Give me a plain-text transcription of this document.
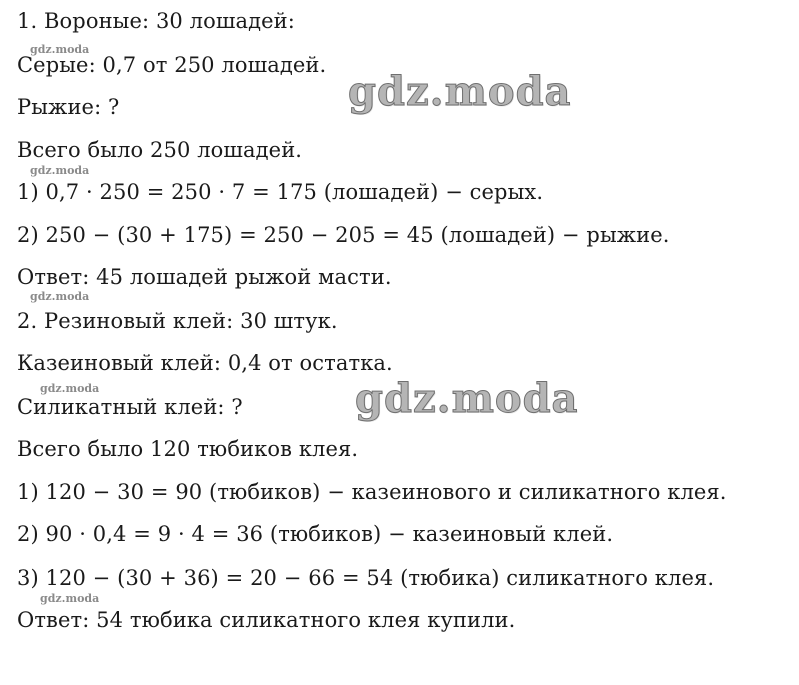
1. Вороные: 30 лошадей:
gdz.moda
Серые: 0,7 от 250 лошадей.
gdz.moda
Рыжие: ?
Всего было 250 лошадей.
gdz.moda
1) 0,7 · 250 = 250 · 7 = 175 (лошадей) − серых.
2) 250 − (30 + 175) = 250 − 205 = 45 (лошадей) − рыжие.
Ответ: 45 лошадей рыжой масти.
gdz.moda
2. Резиновый клей: 30 штук.
Казеиновый клей: 0,4 от остатка.
gdz.moda	gdz.moda
Силикатный клей: ?
Всего было 120 тюбиков клея.
1) 120 − 30 = 90 (тюбиков) − казеинового и силикатного клея.
2) 90 · 0,4 = 9 · 4 = 36 (тюбиков) − казеиновый клей.
3) 120 − (30 + 36) = 20 − 66 = 54 (тюбика) силикатного клея.
gdz.moda
Ответ: 54 тюбика силикатного клея купили.
